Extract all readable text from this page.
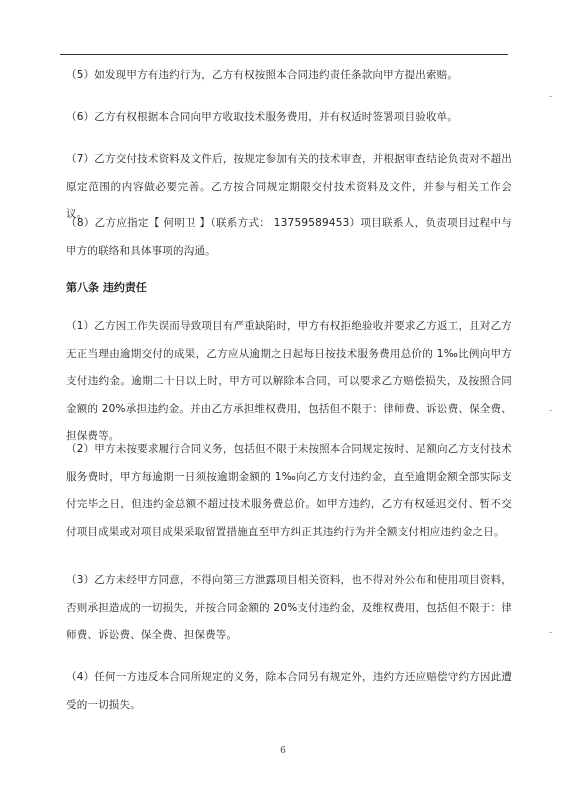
（5）如发现甲方有违约行为，乙方有权按照本合同违约责任条款向甲方提出索赔。

（6）乙方有权根据本合同向甲方收取技术服务费用，并有权适时签署项目验收单。

（7）乙方交付技术资料及文件后，按规定参加有关的技术审查，并根据审查结论负责对不超出原定范围的内容做必要完善。乙方按合同规定期限交付技术资料及文件，并参与相关工作会议。

（8）乙方应指定【 何明卫 】（联系方式： 13759589453）项目联系人，负责项目过程中与甲方的联络和具体事项的沟通。

第八条 违约责任

（1）乙方因工作失误而导致项目有严重缺陷时，甲方有权拒绝验收并要求乙方返工，且对乙方无正当理由逾期交付的成果，乙方应从逾期之日起每日按技术服务费用总价的 1‰比例向甲方支付违约金。逾期二十日以上时，甲方可以解除本合同，可以要求乙方赔偿损失，及按照合同金额的 20%承担违约金。并由乙方承担维权费用，包括但不限于：律师费、诉讼费、保全费、担保费等。

（2）甲方未按要求履行合同义务，包括但不限于未按照本合同规定按时、足额向乙方支付技术服务费时，甲方每逾期一日须按逾期金额的 1‰向乙方支付违约金，直至逾期金额全部实际支付完毕之日，但违约金总额不超过技术服务费总价。如甲方违约，乙方有权延迟交付、暂不交付项目成果或对项目成果采取留置措施直至甲方纠正其违约行为并全额支付相应违约金之日。

（3）乙方未经甲方同意，不得向第三方泄露项目相关资料，也不得对外公布和使用项目资料，否则承担造成的一切损失，并按合同金额的 20%支付违约金，及维权费用，包括但不限于：律师费、诉讼费、保全费、担保费等。

（4）任何一方违反本合同所规定的义务，除本合同另有规定外，违约方还应赔偿守约方因此遭受的一切损失。

6
